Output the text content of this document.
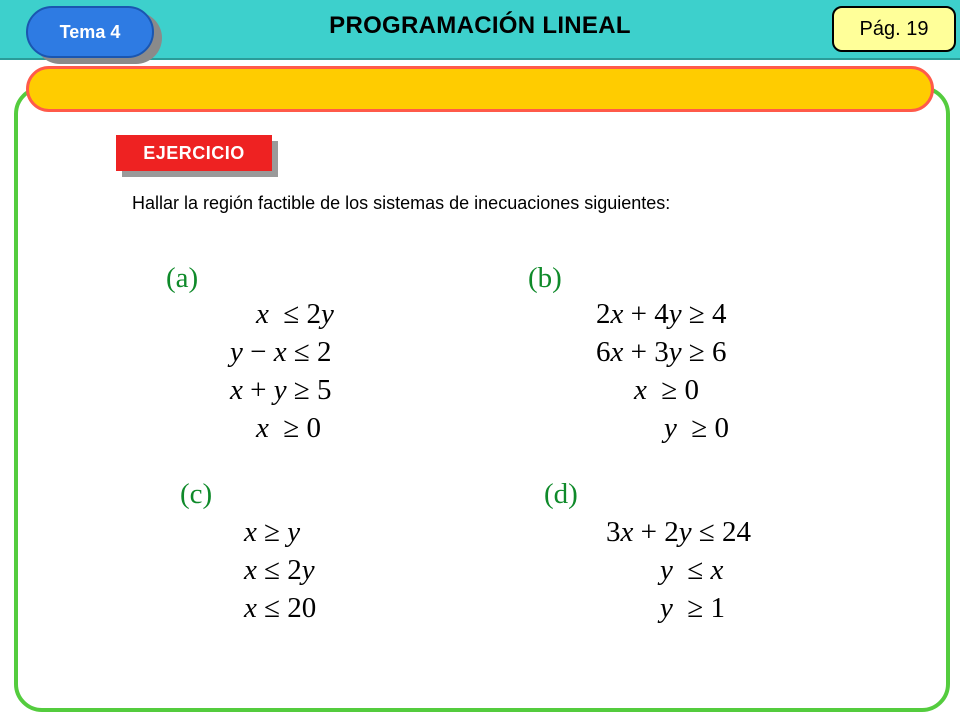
Tema 4	PROGRAMACIÓN LINEAL	Pág. 19
EJERCICIO
Hallar la región factible de los sistemas de inecuaciones siguientes:
(a)
x ≤ 2y
y − x ≤ 2
x + y ≥ 5
x ≥ 0
(b)
2x + 4y ≥ 4
6x + 3y ≥ 6
x ≥ 0
y ≥ 0
(c)
x ≥ y
x ≤ 2y
x ≤ 20
(d)
3x + 2y ≤ 24
y ≤ x
y ≥ 1
